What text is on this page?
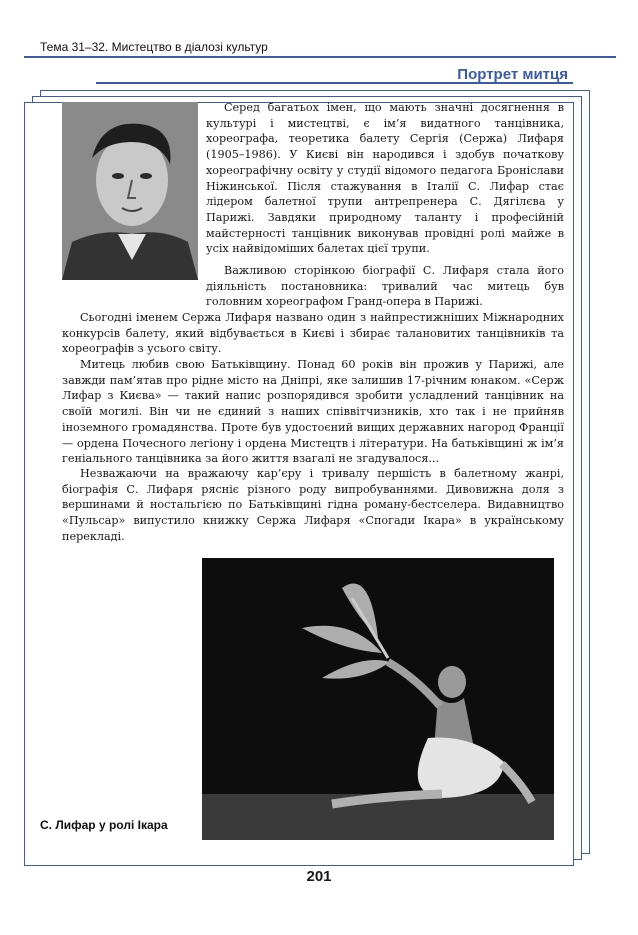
Тема 31–32. Мистецтво в діалозі культур
Портрет митця
Серед багатьох імен, що мають значні досягнення в культурі і мистецтві, є ім’я видатного танцівника, хореографа, теоретика балету Сергія (Сержа) Лифаря (1905–1986). У Києві він народився і здобув початкову хореографічну освіту у студії відомого педагога Броніслави Ніжинської. Після стажування в Італії С. Лифар стає лідером балетної трупи антрепренера С. Дягілєва у Парижі. Завдяки природному таланту і професійній майстерності танцівник виконував провідні ролі майже в усіх найвідоміших балетах цієї трупи.
Важливою сторінкою біографії С. Лифаря стала його діяльність постановника: тривалий час митець був головним хореографом Гранд-опера в Парижі.
Сьогодні іменем Сержа Лифаря названо один з найпрестижніших Міжнародних конкурсів балету, який відбувається в Києві і збирає талановитих танцівників та хореографів з усього світу.
Митець любив свою Батьківщину. Понад 60 років він прожив у Парижі, але завжди пам’ятав про рідне місто на Дніпрі, яке залишив 17-річним юнаком. «Серж Лифар з Києва» — такий напис розпорядився зробити усладлений танцівник на своїй могилі. Він чи не єдиний з наших співвітчизників, хто так і не прийняв іноземного громадянства. Проте був удостоєний вищих державних нагород Франції — ордена Почесного легіону і ордена Мистецтв і літератури. На батьківщині ж ім’я геніального танцівника за його життя взагалі не згадувалося...
Незважаючи на вражаючу кар’єру і тривалу першість в балетному жанрі, біографія С. Лифаря рясніє різного роду випробуваннями. Дивовижна доля з вершинами й ностальгією по Батьківщині гідна роману-бестселера. Видавництво «Пульсар» випустило книжку Сержа Лифаря «Спогади Ікара» в українському перекладі.
С. Лифар у ролі Ікара
201
